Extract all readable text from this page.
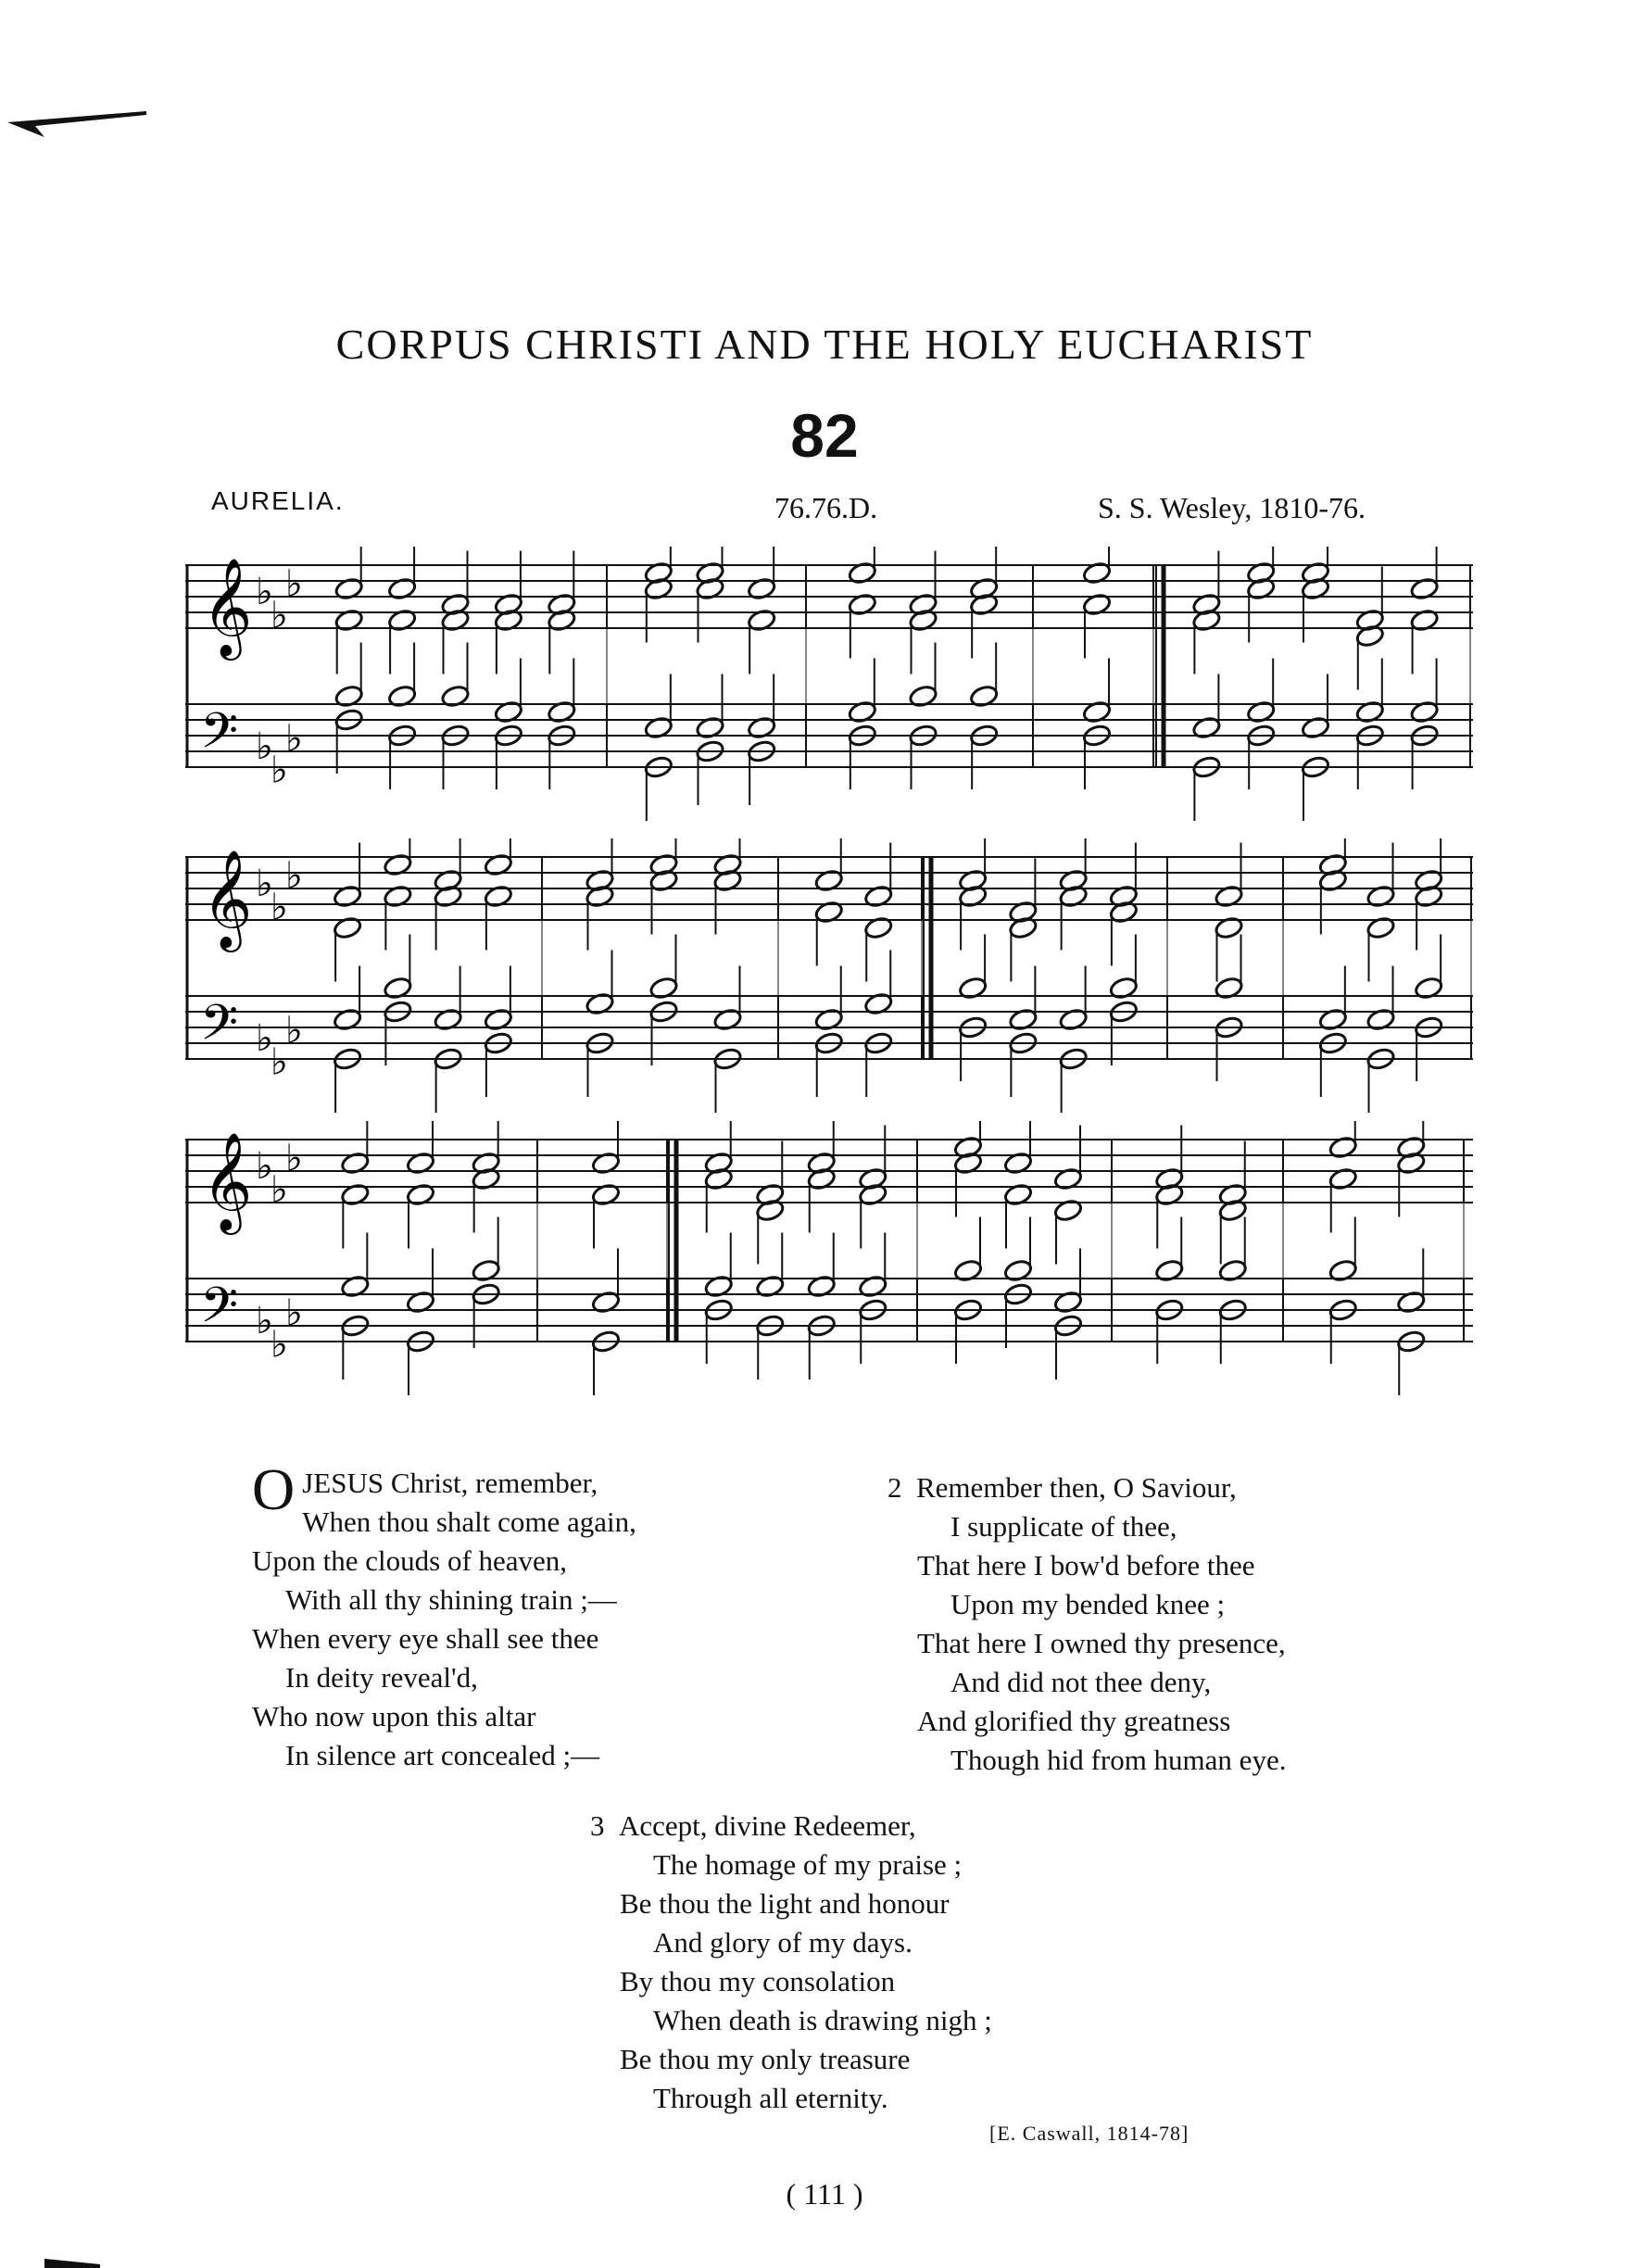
CORPUS CHRISTI AND THE HOLY EUCHARIST
82
AURELIA.	76.76.D.	S. S. Wesley, 1810-76.
𝄞
𝄢
♭
♭
♭
♭
♭
♭
𝄞
𝄢
♭
♭
♭
♭
♭
♭
𝄞
𝄢
♭
♭
♭
♭
♭
♭
O JESUS Christ, remember,
When thou shalt come again,
Upon the clouds of heaven,
With all thy shining train ;—
When every eye shall see thee
In deity reveal'd,
Who now upon this altar
In silence art concealed ;—
2 Remember then, O Saviour,
I supplicate of thee,
That here I bow'd before thee
Upon my bended knee ;
That here I owned thy presence,
And did not thee deny,
And glorified thy greatness
Though hid from human eye.
3 Accept, divine Redeemer,
The homage of my praise ;
Be thou the light and honour
And glory of my days.
By thou my consolation
When death is drawing nigh ;
Be thou my only treasure
Through all eternity.
[E. Caswall, 1814-78]
( 111 )
